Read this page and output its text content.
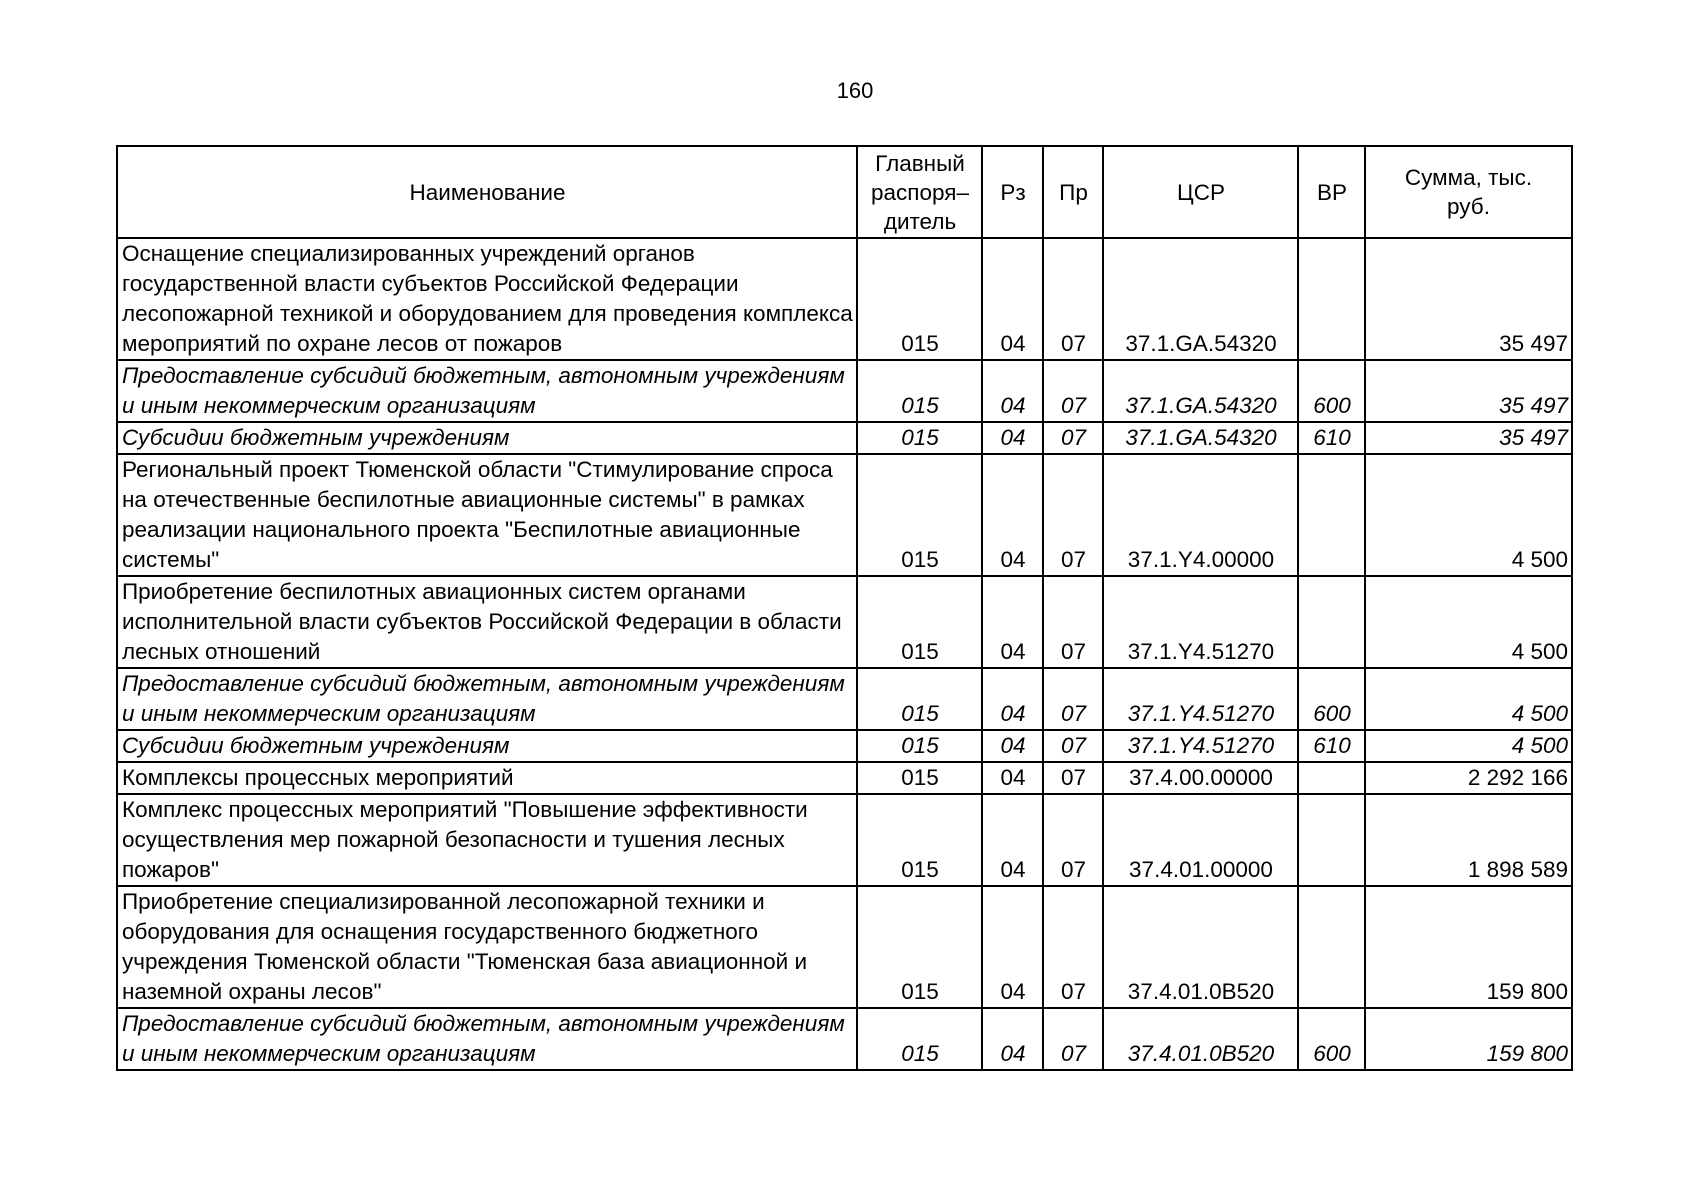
160
Наименование	Главный распоря–дитель	Рз	Пр	ЦСР	ВР	Сумма, тыс. руб.
Оснащение специализированных учреждений органов государственной власти субъектов Российской Федерации лесопожарной техникой и оборудованием для проведения комплекса мероприятий по охране лесов от пожаров	015	04	07	37.1.GA.54320		35 497
Предоставление субсидий бюджетным, автономным учреждениям и иным некоммерческим организациям	015	04	07	37.1.GA.54320	600	35 497
Субсидии бюджетным учреждениям	015	04	07	37.1.GA.54320	610	35 497
Региональный проект Тюменской области "Стимулирование спроса на отечественные беспилотные авиационные системы" в рамках реализации национального проекта "Беспилотные авиационные системы"	015	04	07	37.1.Y4.00000		4 500
Приобретение беспилотных авиационных систем органами исполнительной власти субъектов Российской Федерации в области лесных отношений	015	04	07	37.1.Y4.51270		4 500
Предоставление субсидий бюджетным, автономным учреждениям и иным некоммерческим организациям	015	04	07	37.1.Y4.51270	600	4 500
Субсидии бюджетным учреждениям	015	04	07	37.1.Y4.51270	610	4 500
Комплексы процессных мероприятий	015	04	07	37.4.00.00000		2 292 166
Комплекс процессных мероприятий "Повышение эффективности осуществления мер пожарной безопасности и тушения лесных пожаров"	015	04	07	37.4.01.00000		1 898 589
Приобретение специализированной лесопожарной техники и оборудования для оснащения государственного бюджетного учреждения Тюменской области "Тюменская база авиационной и наземной охраны лесов"	015	04	07	37.4.01.0В520		159 800
Предоставление субсидий бюджетным, автономным учреждениям и иным некоммерческим организациям	015	04	07	37.4.01.0В520	600	159 800
